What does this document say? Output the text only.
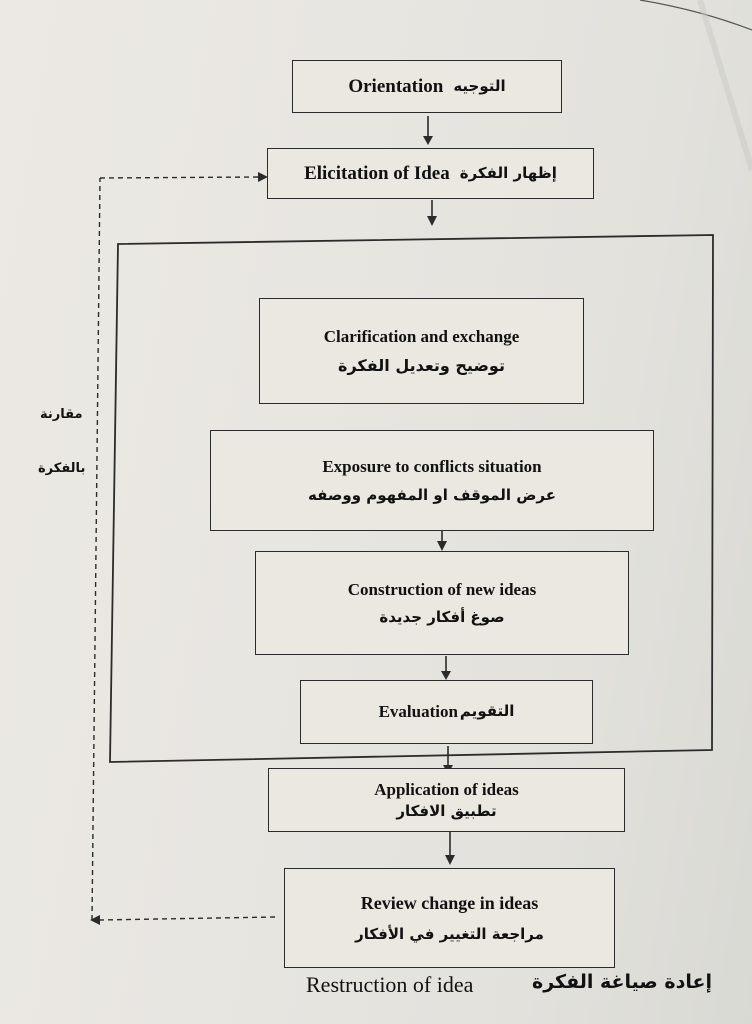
Orientation التوجيه
Elicitation of Idea إظهار الفكرة
Clarification and exchange
توضيح وتعديل الفكرة
Exposure to conflicts situation
عرض الموقف او المفهوم ووصفه
Construction of new ideas
صوغ أفكار جديدة
Evaluation التقويم
Application of ideas
تطبيق الافكار
Review change in ideas
مراجعة التغيير في الأفكار
مقارنة
بالفكرة
Restruction of idea	إعادة صياغة الفكرة
